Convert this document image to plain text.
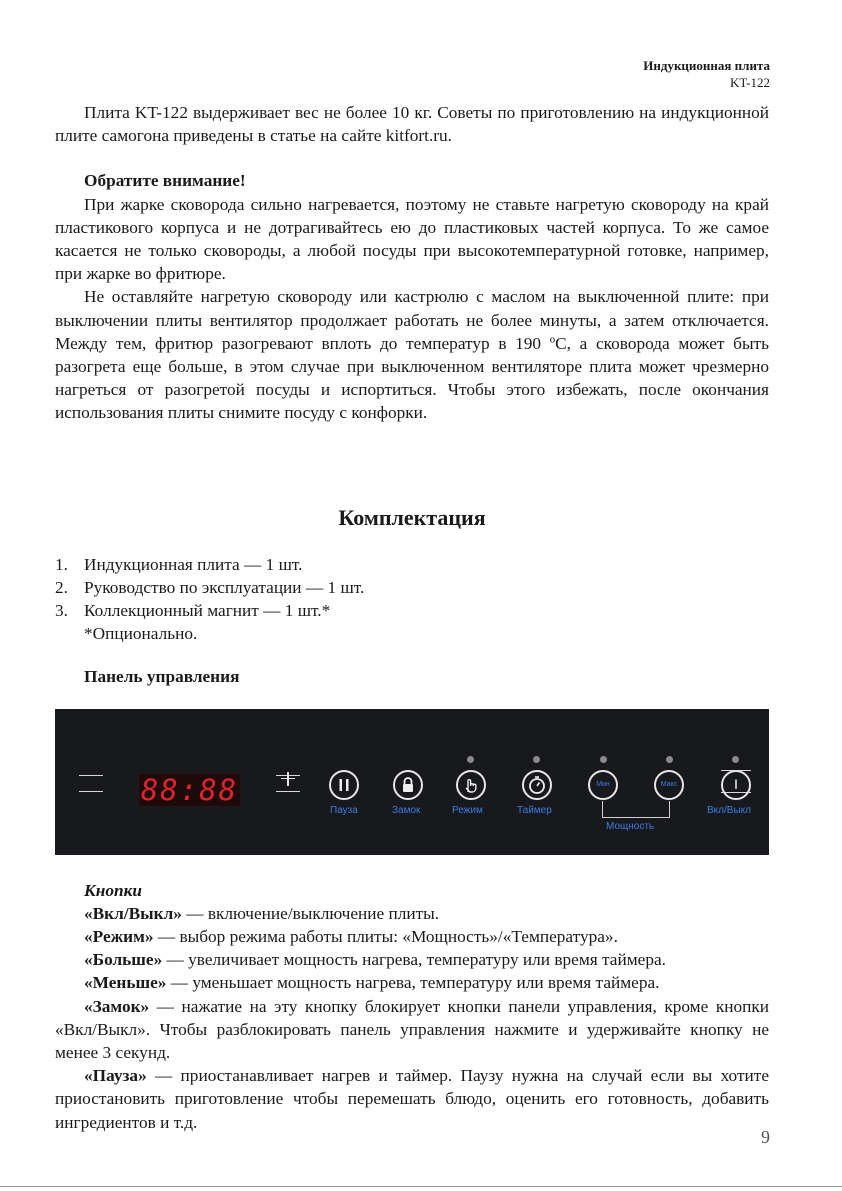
Индукционная плита
KT-122

Плита KT-122 выдерживает вес не более 10 кг. Советы по приготовлению на индукционной плите самогона приведены в статье на сайте kitfort.ru.

Обратите внимание!

При жарке сковорода сильно нагревается, поэтому не ставьте нагретую сковороду на край пластикового корпуса и не дотрагивайтесь ею до пластиковых частей корпуса. То же самое касается не только сковороды, а любой посуды при высокотемпературной готовке, например, при жарке во фритюре.

Не оставляйте нагретую сковороду или кастрюлю с маслом на выключенной плите: при выключении плиты вентилятор продолжает работать не более минуты, а затем отключается. Между тем, фритюр разогревают вплоть до температур в 190 ºС, а сковорода может быть разогрета еще больше, в этом случае при выключенном вентиляторе плита может чрезмерно нагреться от разогретой посуды и испортиться. Чтобы этого избежать, после окончания использования плиты снимите посуду с конфорки.

Комплектация
1. Индукционная плита — 1 шт.
2. Руководство по эксплуатации — 1 шт.
3. Коллекционный магнит — 1 шт.*

*Опционально.

Панель управления

88:88
Пауза	Замок	Режим	Таймер
Мин	Макс
Мощность
Вкл/Выкл

Кнопки

«Вкл/Выкл» — включение/выключение плиты.

«Режим» — выбор режима работы плиты: «Мощность»/«Температура».

«Больше» — увеличивает мощность нагрева, температуру или время таймера.

«Меньше» — уменьшает мощность нагрева, температуру или время таймера.

«Замок» — нажатие на эту кнопку блокирует кнопки панели управления, кроме кнопки «Вкл/Выкл». Чтобы разблокировать панель управления нажмите и удерживайте кнопку не менее 3 секунд.

«Пауза» — приостанавливает нагрев и таймер. Паузу нужна на случай если вы хотите приостановить приготовление чтобы перемешать блюдо, оценить его готовность, добавить ингредиентов и т.д.

9
